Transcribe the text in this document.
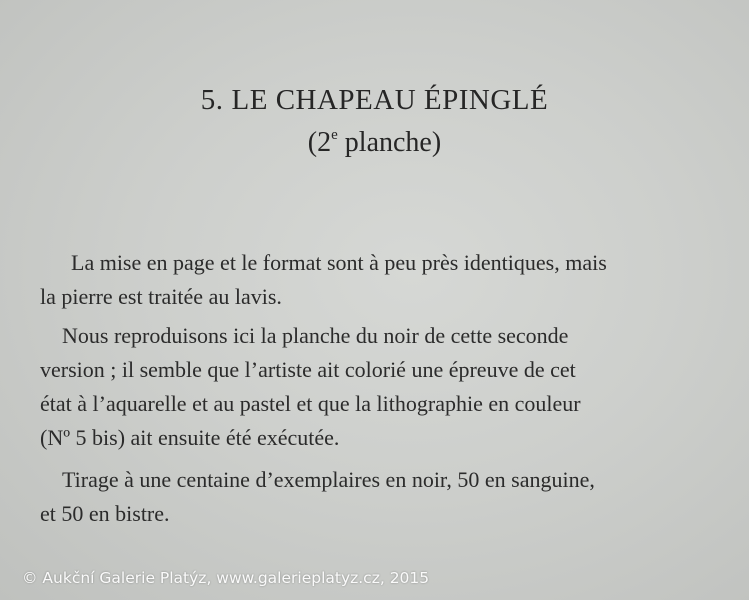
5. LE CHAPEAU ÉPINGLÉ
(2e planche)
La mise en page et le format sont à peu près identiques, mais
la pierre est traitée au lavis.
Nous reproduisons ici la planche du noir de cette seconde
version ; il semble que l’artiste ait colorié une épreuve de cet
état à l’aquarelle et au pastel et que la lithographie en couleur
(Nº 5 bis) ait ensuite été exécutée.
Tirage à une centaine d’exemplaires en noir, 50 en sanguine,
et 50 en bistre.
© Aukční Galerie Platýz, www.galerieplatyz.cz, 2015
